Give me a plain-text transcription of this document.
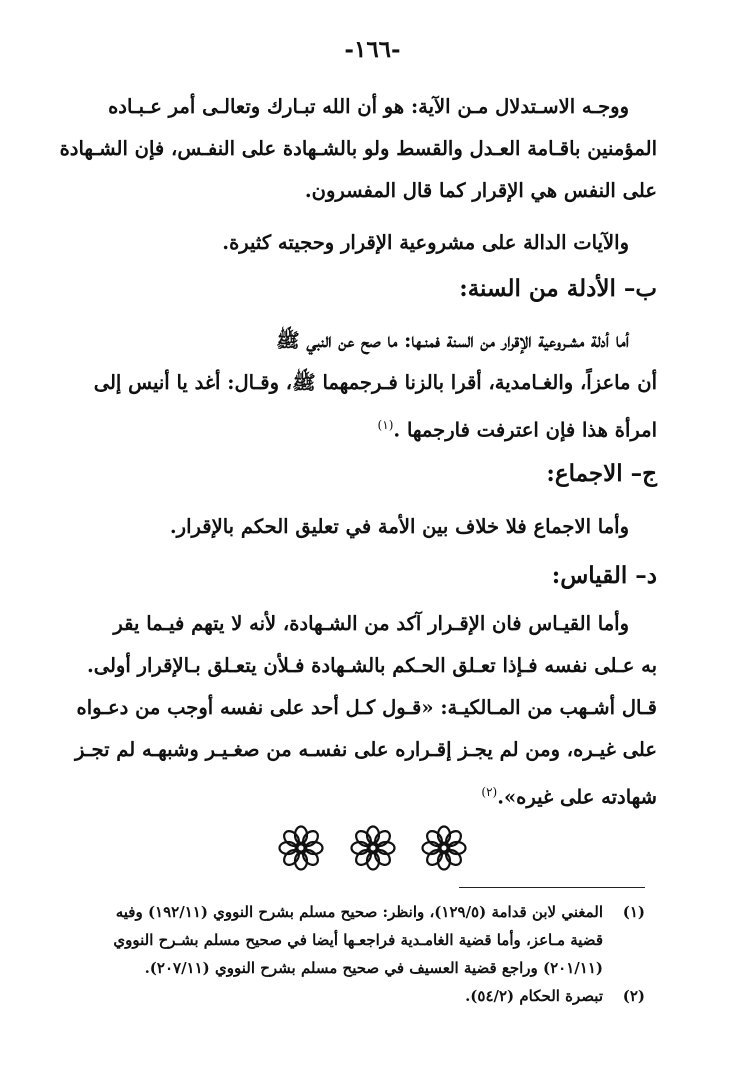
-١٦٦-
ووجـه الاسـتدلال مـن الآية: هو أن الله تبـارك وتعالـى أمر عـبـاده
المؤمنين باقـامة العـدل والقسط ولو بالشـهادة على النفـس، فإن الشـهادة
على النفس هي الإقرار كما قال المفسرون.
والآيات الدالة على مشروعية الإقرار وحجيته كثيرة.
ب– الأدلة من السنة:
أما أدلة مشـروعية الإقرار من السنة فمنـها: ما صح عن النبي ﷺ
أن ماعزاً، والغـامدية، أقرا بالزنا فـرجمهما ﷺ، وقـال: أغد يا أنيس إلى
امرأة هذا فإن اعترفت فارجمها .$^{(١)}$
ج– الاجماع:
وأما الاجماع فلا خلاف بين الأمة في تعليق الحكم بالإقرار.
د– القياس:
وأما القيـاس فان الإقـرار آكد من الشـهادة، لأنه لا يتهم فيـما يقر
به عـلى نفسه فـإذا تعـلق الحـكم بالشـهادة فـلأن يتعـلق بـالإقرار أولى.
قـال أشـهب من المـالكيـة: «قـول كـل أحد على نفسه أوجب من دعـواه
على غيـره، ومن لم يجـز إقـراره على نفسـه من صغـيـر وشبهـه لم تجـز
شهادته على غيره».$^{(٢)}$

(١)المغني لابن قدامة (١٢٩/٥)، وانظر: صحيح مسلم بشرح النووي (١٩٢/١١) وفيه
قضية مـاعز، وأما قضية الغامـدية فراجعـها أيضا في صحيح مسلم بشـرح النووي
(٢٠١/١١) وراجع قضية العسيف في صحيح مسلم بشرح النووي (٢٠٧/١١).
(٢)تبصرة الحكام (٥٤/٢).
